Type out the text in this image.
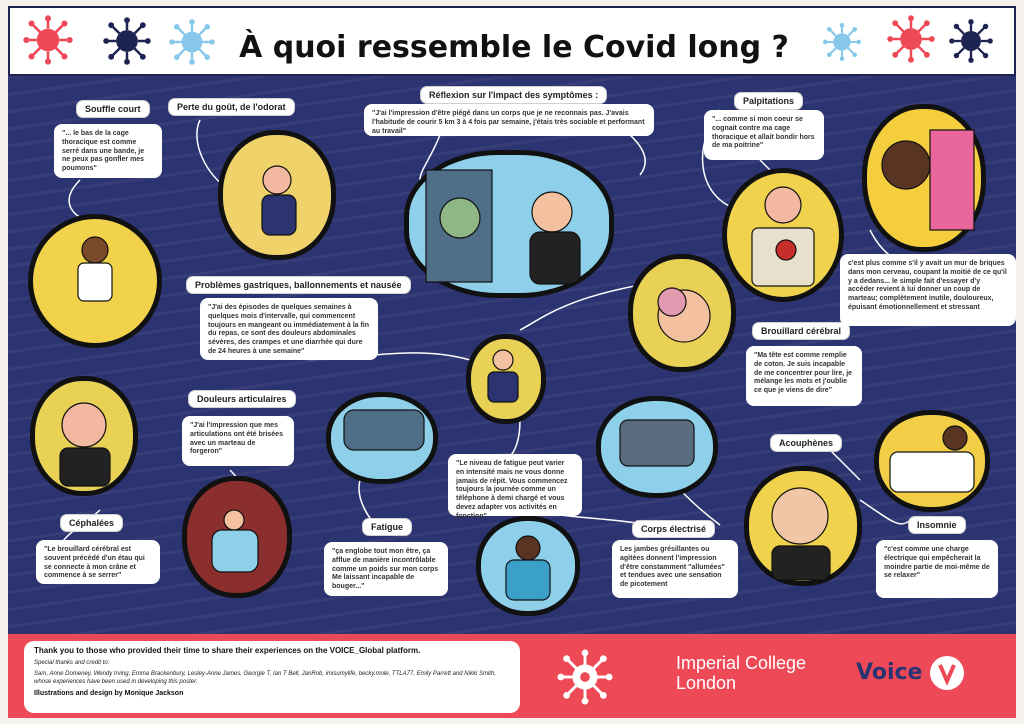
À quoi ressemble le Covid long ?
Souffle court	Perte du goût, de l'odorat
Réflexion sur l'impact des symptômes :
Palpitations
Problèmes gastriques, ballonnements et nausée
Brouillard cérébral
Douleurs articulaires
Céphalées	Fatigue	Corps électrisé
Acouphènes
Insomnie
"... le bas de la cage thoracique est comme serré dans une bande, je ne peux pas gonfler mes poumons"
"J'ai l'impression d'être piégé dans un corps que je ne reconnais pas. J'avais l'habitude de courir 5 km 3 à 4 fois par semaine, j'étais très sociable et performant au travail"
"... comme si mon coeur se cognait contre ma cage thoracique et allait bondir hors de ma poitrine"
c'est plus comme s'il y avait un mur de briques dans mon cerveau, coupant la moitié de ce qu'il y a dedans... le simple fait d'essayer d'y accéder revient à lui donner un coup de marteau; complètement inutile, douloureux, épuisant émotionnellement et stressant
"J'ai des épisodes de quelques semaines à quelques mois d'intervalle, qui commencent toujours en mangeant ou immédiatement à la fin du repas, ce sont des douleurs abdominales sévères, des crampes et une diarrhée qui dure de 24 heures à une semaine"
"Ma tête est comme remplie de coton. Je suis incapable de me concentrer pour lire, je mélange les mots et j'oublie ce que je viens de dire"
"J'ai l'impression que mes articulations ont été brisées avec un marteau de forgeron"
"Le niveau de fatigue peut varier en intensité mais ne vous donne jamais de répit. Vous commencez toujours la journée comme un téléphone à demi chargé et vous devez adapter vos activités en fonction"
"Le brouillard cérébral est souvent précédé d'un étau qui se connecte à mon crâne et commence à se serrer"
"ça englobe tout mon être, ça afflue de manière incontrôlable comme un poids sur mon corps Me laissant incapable de bouger..."
Les jambes grésillantes ou agitées donnent l'impression d'être constamment "allumées" et tendues avec une sensation de picotement
"c'est comme une charge électrique qui empêcherait la moindre partie de moi-même de se relaxer"
Thank you to those who provided their time to share their experiences on the VOICE_Global platform.
Special thanks and credit to:
Sam, Anne Domeney, Wendy Irving, Emma Brackenbury, Lesley-Anne James, Georgie T, Ian T Bell, JanRob, imisumylife, becky.mole, TTLA77, Emily Parrett and Nikki Smith, whose experiences have been used in developing this poster.
Illustrations and design by Monique Jackson
Imperial College
London	Voice
